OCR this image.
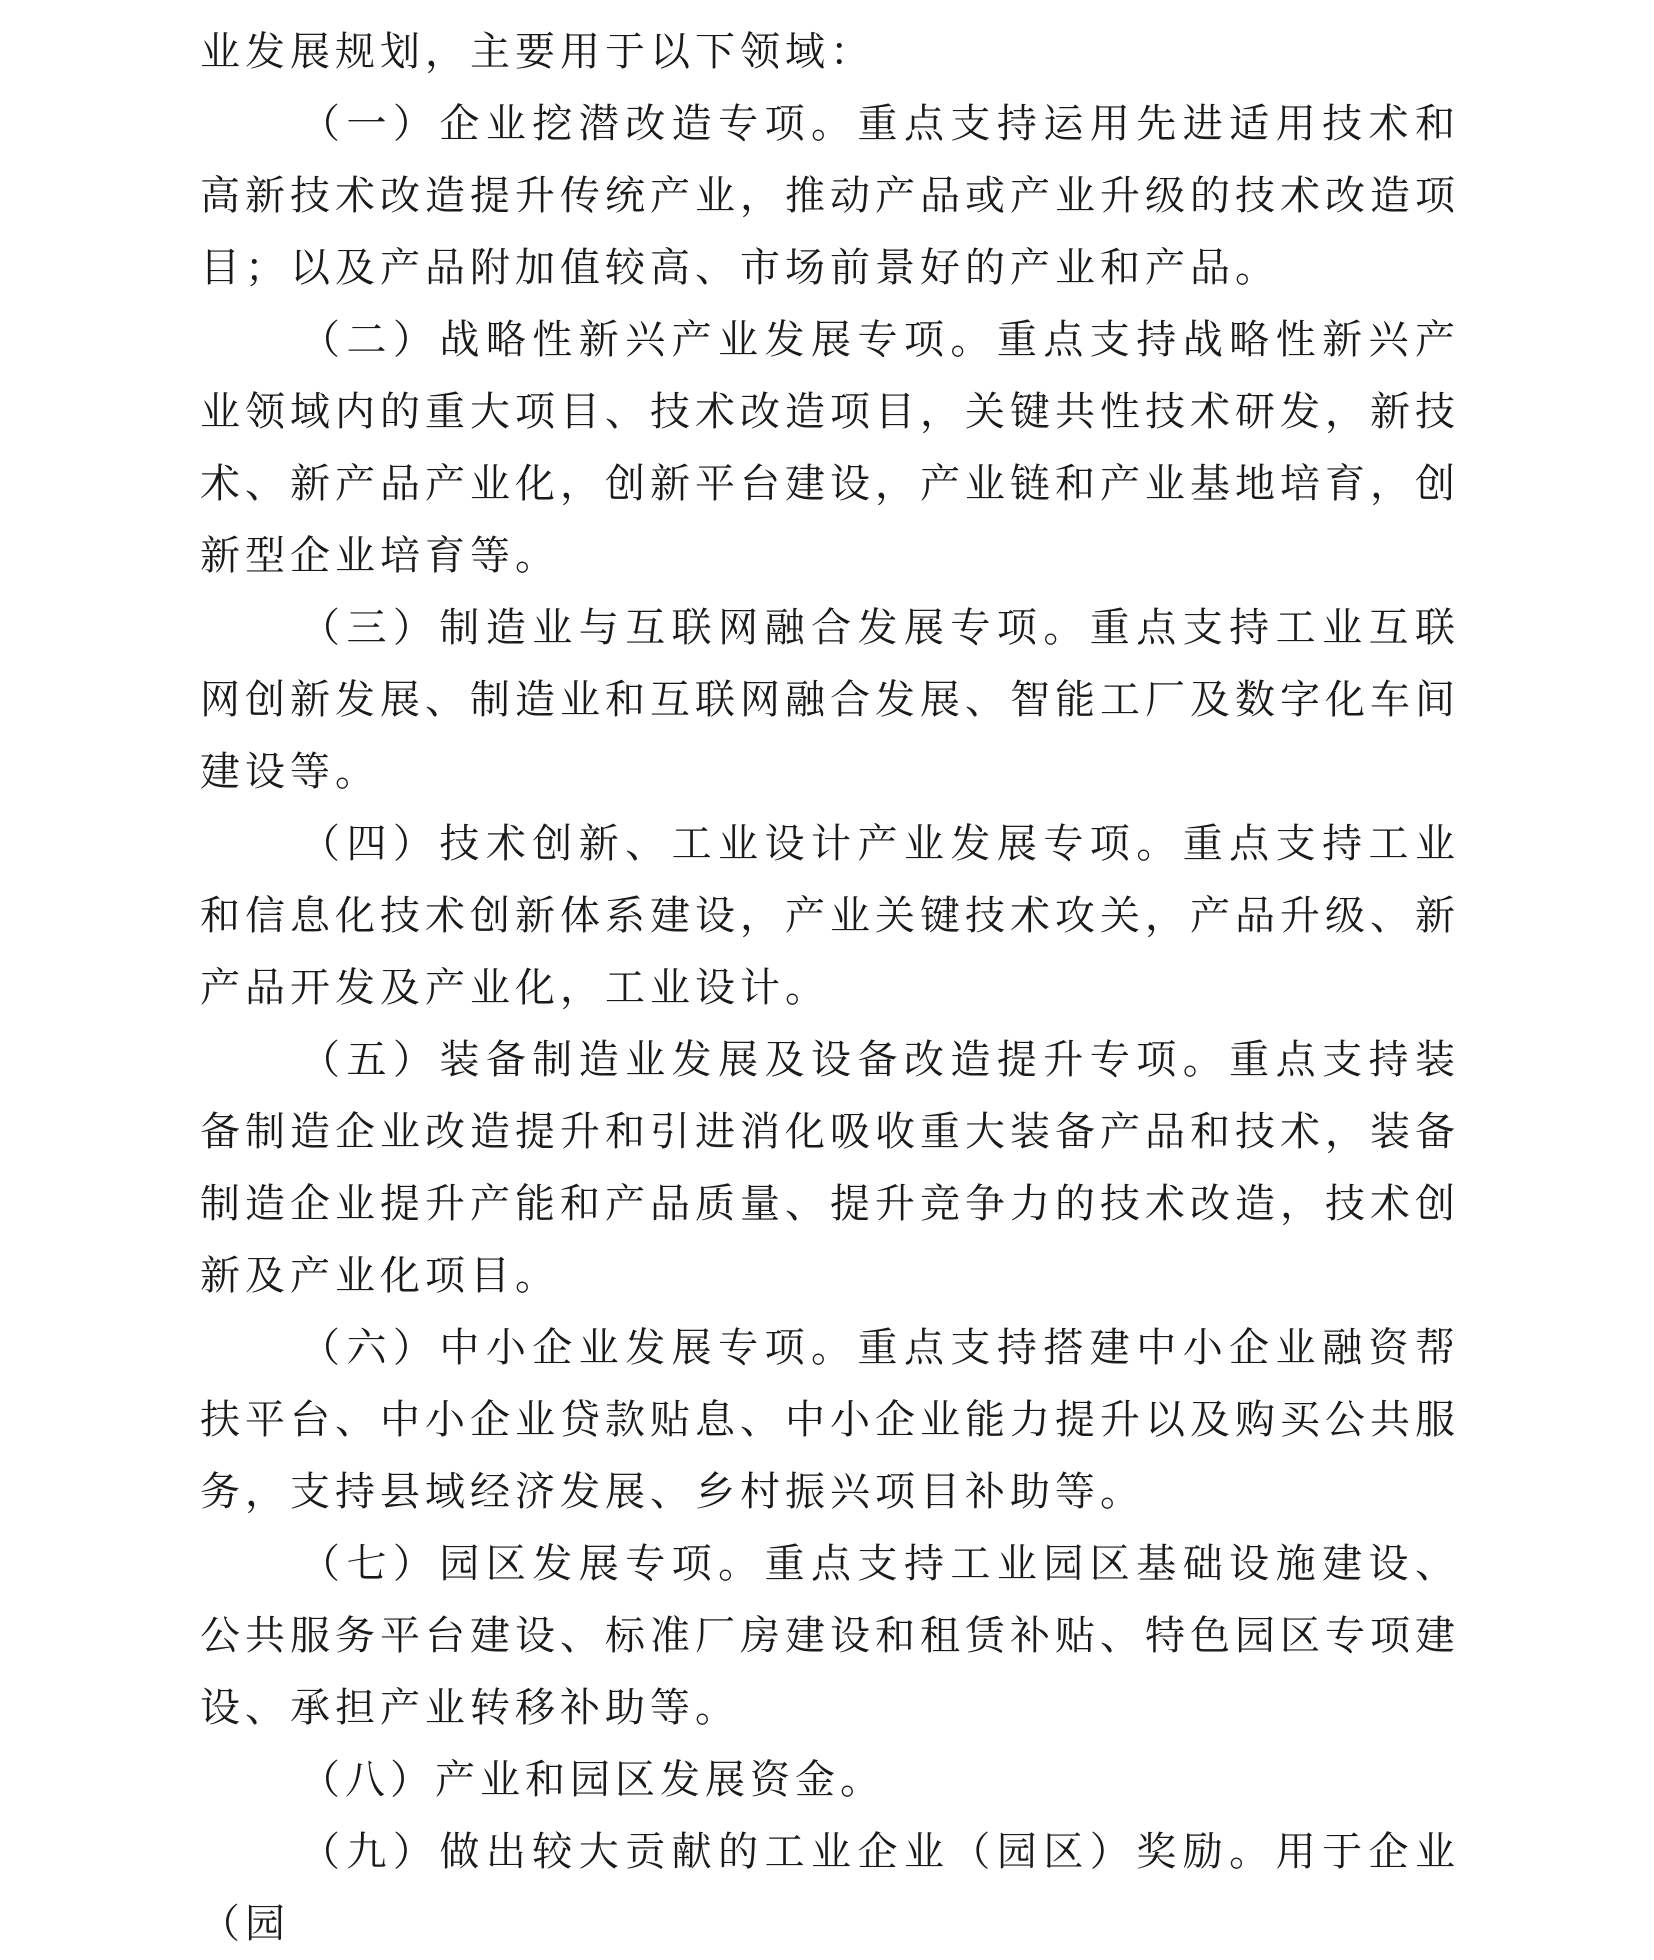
业发展规划，主要用于以下领域：

（一）企业挖潜改造专项。重点支持运用先进适用技术和高新技术改造提升传统产业，推动产品或产业升级的技术改造项目；以及产品附加值较高、市场前景好的产业和产品。

（二）战略性新兴产业发展专项。重点支持战略性新兴产业领域内的重大项目、技术改造项目，关键共性技术研发，新技术、新产品产业化，创新平台建设，产业链和产业基地培育，创新型企业培育等。

（三）制造业与互联网融合发展专项。重点支持工业互联网创新发展、制造业和互联网融合发展、智能工厂及数字化车间建设等。

（四）技术创新、工业设计产业发展专项。重点支持工业和信息化技术创新体系建设，产业关键技术攻关，产品升级、新产品开发及产业化，工业设计。

（五）装备制造业发展及设备改造提升专项。重点支持装备制造企业改造提升和引进消化吸收重大装备产品和技术，装备制造企业提升产能和产品质量、提升竞争力的技术改造，技术创新及产业化项目。

（六）中小企业发展专项。重点支持搭建中小企业融资帮扶平台、中小企业贷款贴息、中小企业能力提升以及购买公共服务，支持县域经济发展、乡村振兴项目补助等。

（七）园区发展专项。重点支持工业园区基础设施建设、公共服务平台建设、标准厂房建设和租赁补贴、特色园区专项建设、承担产业转移补助等。

（八）产业和园区发展资金。

（九）做出较大贡献的工业企业（园区）奖励。用于企业（园
